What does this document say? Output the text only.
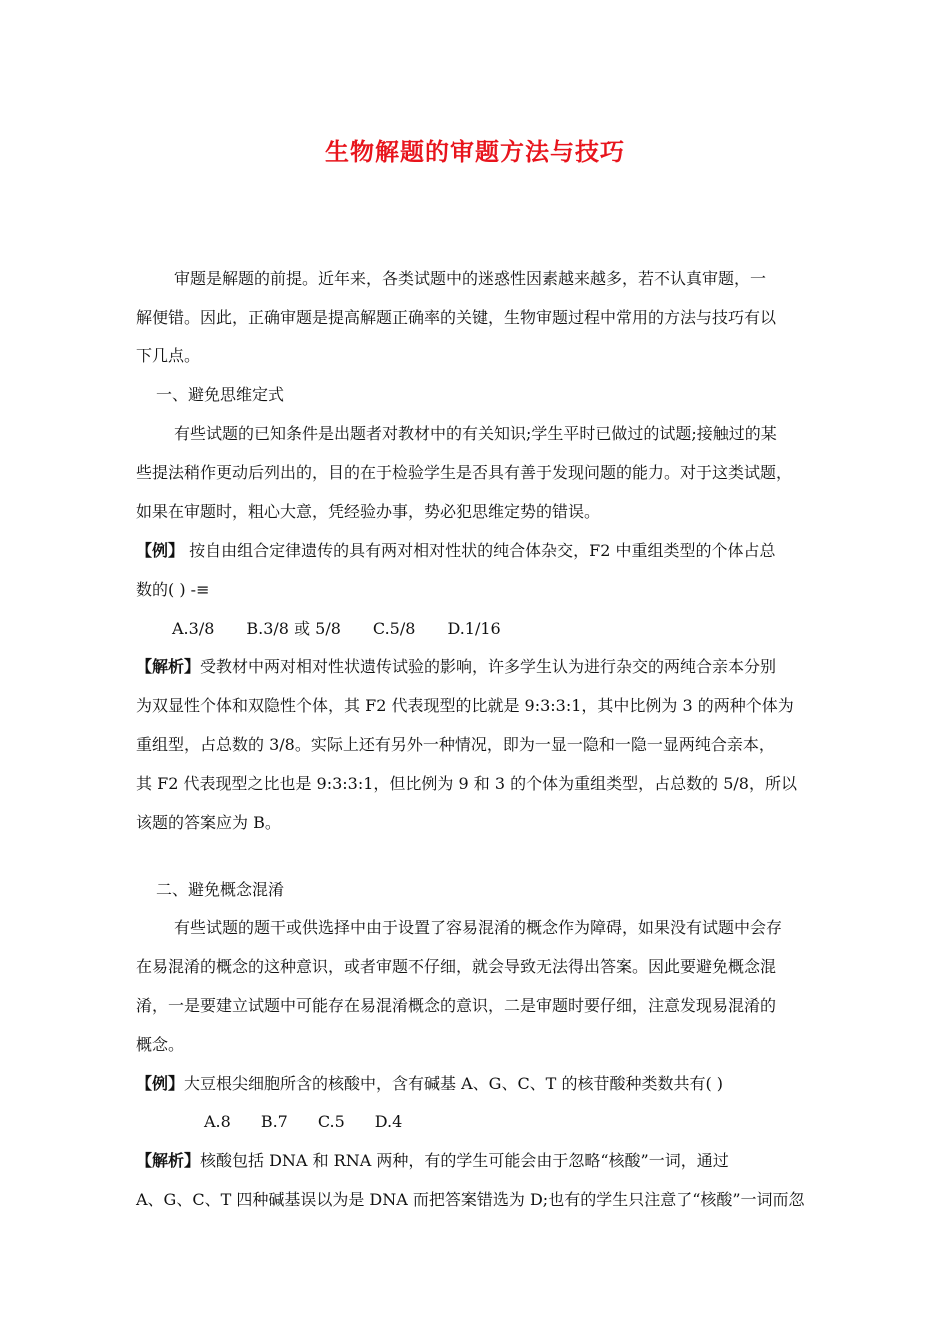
生物解题的审题方法与技巧
审题是解题的前提。近年来，各类试题中的迷惑性因素越来越多，若不认真审题，一
解便错。因此，正确审题是提高解题正确率的关键，生物审题过程中常用的方法与技巧有以
下几点。
一、避免思维定式
有些试题的已知条件是出题者对教材中的有关知识;学生平时已做过的试题;接触过的某
些提法稍作更动后列出的，目的在于检验学生是否具有善于发现问题的能力。对于这类试题，
如果在审题时，粗心大意，凭经验办事，势必犯思维定势的错误。
【例】 按自由组合定律遗传的具有两对相对性状的纯合体杂交，F2 中重组类型的个体占总
数的( ) -≡
A.3/8 B.3/8 或 5/8 C.5/8 D.1/16
【解析】受教材中两对相对性状遗传试验的影响，许多学生认为进行杂交的两纯合亲本分别
为双显性个体和双隐性个体，其 F2 代表现型的比就是 9:3:3:1，其中比例为 3 的两种个体为
重组型，占总数的 3/8。实际上还有另外一种情况，即为一显一隐和一隐一显两纯合亲本，
其 F2 代表现型之比也是 9:3:3:1，但比例为 9 和 3 的个体为重组类型，占总数的 5/8，所以
该题的答案应为 B。
二、避免概念混淆
有些试题的题干或供选择中由于设置了容易混淆的概念作为障碍，如果没有试题中会存
在易混淆的概念的这种意识，或者审题不仔细，就会导致无法得出答案。因此要避免概念混
淆，一是要建立试题中可能存在易混淆概念的意识，二是审题时要仔细，注意发现易混淆的
概念。
【例】大豆根尖细胞所含的核酸中，含有碱基 A、G、C、T 的核苷酸种类数共有( )
A.8 B.7 C.5 D.4
【解析】核酸包括 DNA 和 RNA 两种，有的学生可能会由于忽略“核酸”一词，通过
A、G、C、T 四种碱基误以为是 DNA 而把答案错选为 D;也有的学生只注意了“核酸”一词而忽
